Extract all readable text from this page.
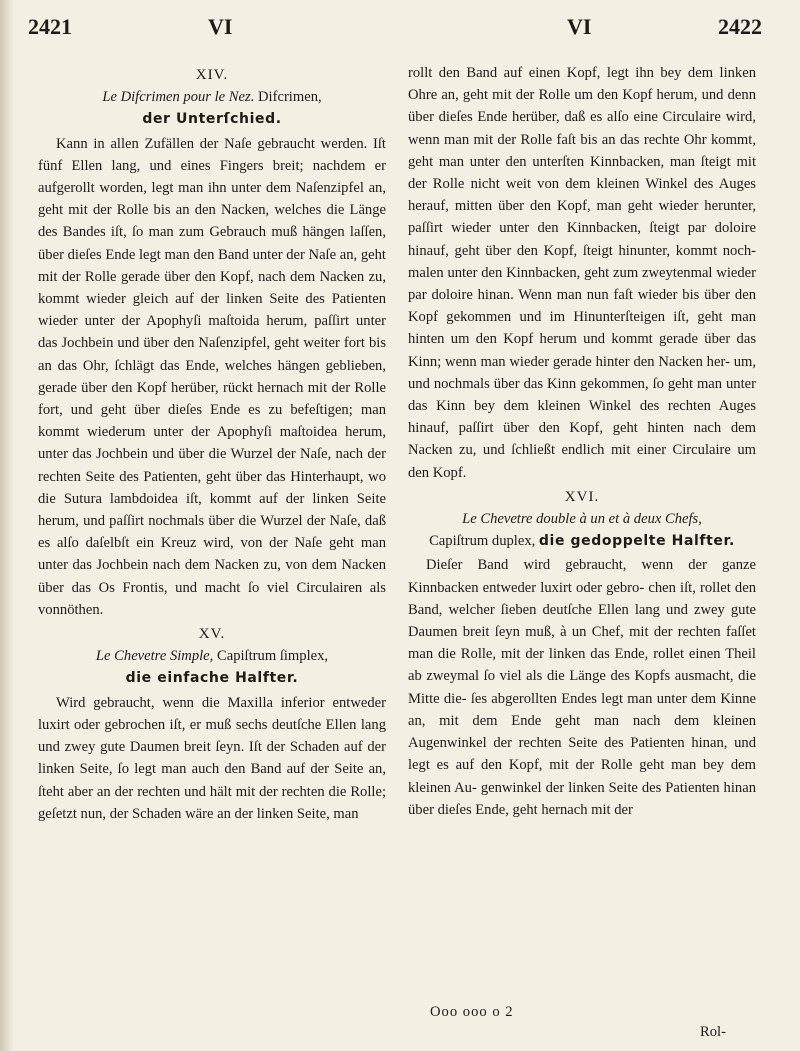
2421	VI	VI	2422
XIV.
Le Difcrimen pour le Nez. Difcrimen,
der Unterſchied.

Kann in allen Zufällen der Naſe gebraucht werden. Iſt fünf Ellen lang, und eines Fingers breit; nachdem er aufgerollt worden, legt man ihn unter dem Naſenzipfel an, geht mit der Rolle bis an den Nacken, welches die Länge des Bandes iſt, ſo man zum Gebrauch muß hängen laſſen, über dieſes Ende legt man den Band unter der Naſe an, geht mit der Rolle gerade über den Kopf, nach dem Nacken zu, kommt wieder gleich auf der linken Seite des Patienten wieder unter der Apophyſi maſtoida herum, paſſirt unter das Jochbein und über den Naſenzipfel, geht weiter fort bis an das Ohr, ſchlägt das Ende, welches hängen geblieben, gerade über den Kopf herüber, rückt hernach mit der Rolle fort, und geht über dieſes Ende es zu befeſtigen; man kommt wiederum unter der Apophyſi maſtoidea herum, unter das Jochbein und über die Wurzel der Naſe, nach der rechten Seite des Patienten, geht über das Hinterhaupt, wo die Sutura lambdoidea iſt, kommt auf der linken Seite herum, und paſſirt nochmals über die Wurzel der Naſe, daß es alſo daſelbſt ein Kreuz wird, von der Naſe geht man unter das Jochbein nach dem Nacken zu, von dem Nacken über das Os Frontis, und macht ſo viel Circulairen als vonnöthen.

XV.
Le Chevetre Simple, Capiſtrum ſimplex,
die einfache Halfter.

Wird gebraucht, wenn die Maxilla inferior entweder luxirt oder gebrochen iſt, er muß sechs deutſche Ellen lang und zwey gute Daumen breit ſeyn. Iſt der Schaden auf der linken Seite, ſo legt man auch den Band auf der Seite an, ſteht aber an der rechten und hält mit der rechten die Rolle; geſetzt nun, der Schaden wäre an der linken Seite, man

rollt den Band auf einen Kopf, legt ihn bey dem linken Ohre an, geht mit der Rolle um den Kopf herum, und denn über dieſes Ende herüber, daß es alſo eine Circulaire wird, wenn man mit der Rolle faſt bis an das rechte Ohr kommt, geht man unter den unterſten Kinnbacken, man ſteigt mit der Rolle nicht weit von dem kleinen Winkel des Auges herauf, mitten über den Kopf, man geht wieder herunter, paſſirt wieder unter den Kinnbacken, ſteigt par doloire hinauf, geht über den Kopf, ſteigt hinunter, kommt noch- malen unter den Kinnbacken, geht zum zweytenmal wieder par doloire hinan. Wenn man nun faſt wieder bis über den Kopf gekommen und im Hinunterſteigen iſt, geht man hinten um den Kopf herum und kommt gerade über das Kinn; wenn man wieder gerade hinter den Nacken her- um, und nochmals über das Kinn gekommen, ſo geht man unter das Kinn bey dem kleinen Winkel des rechten Auges hinauf, paſſirt über den Kopf, geht hinten nach dem Nacken zu, und ſchließt endlich mit einer Circulaire um den Kopf.

XVI.
Le Chevetre double à un et à deux Chefs,
Capiſtrum duplex, die gedoppelte Halfter.

Dieſer Band wird gebraucht, wenn der ganze Kinnbacken entweder luxirt oder gebro- chen iſt, rollet den Band, welcher ſieben deutſche Ellen lang und zwey gute Daumen breit ſeyn muß, à un Chef, mit der rechten faſſet man die Rolle, mit der linken das Ende, rollet einen Theil ab zweymal ſo viel als die Länge des Kopfs ausmacht, die Mitte die- ſes abgerollten Endes legt man unter dem Kinne an, mit dem Ende geht man nach dem kleinen Augenwinkel der rechten Seite des Patienten hinan, und legt es auf den Kopf, mit der Rolle geht man bey dem kleinen Au- genwinkel der linken Seite des Patienten hinan über dieſes Ende, geht hernach mit der

Ooo ooo o 2
Rol-
